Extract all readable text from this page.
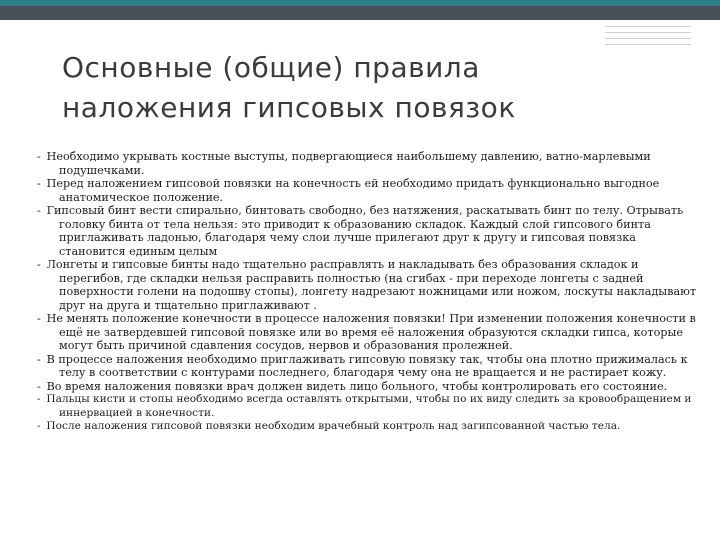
Основные (общие) правила
наложения гипсовых повязок

- Необходимо укрывать костные выступы, подвергающиеся наибольшему давлению, ватно-марлевыми подушечками.

- Перед наложением гипсовой повязки на конечность ей необходимо придать функционально выгодное анатомическое положение.

- Гипсовый бинт вести спирально, бинтовать свободно, без натяжения, раскатывать бинт по телу. Отрывать головку бинта от тела нельзя: это приводит к образованию складок. Каждый слой гипсового бинта приглаживать ладонью, благодаря чему слои лучше прилегают друг к другу и гипсовая повязка становится единым целым

- Лонгеты и гипсовые бинты надо тщательно расправлять и накладывать без образования складок и перегибов, где складки нельзя расправить полностью (на сгибах - при переходе лонгеты с задней поверхности голени на подошву стопы), лонгету надрезают ножницами или ножом, лоскуты накладывают друг на друга и тщательно приглаживают .

- Не менять положение конечности в процессе наложения повязки! При изменении положения конечности в ещё не затвердевшей гипсовой повязке или во время её наложения образуются складки гипса, которые могут быть причиной сдавления сосудов, нервов и образования пролежней.

- В процессе наложения необходимо приглаживать гипсовую повязку так, чтобы она плотно прижималась к телу в соответствии с контурами последнего, благодаря чему она не вращается и не растирает кожу.

- Во время наложения повязки врач должен видеть лицо больного, чтобы контролировать его состояние.

- Пальцы кисти и стопы необходимо всегда оставлять открытыми, чтобы по их виду следить за кровообращением и иннервацией в конечности.

- После наложения гипсовой повязки необходим врачебный контроль над загипсованной частью тела.
